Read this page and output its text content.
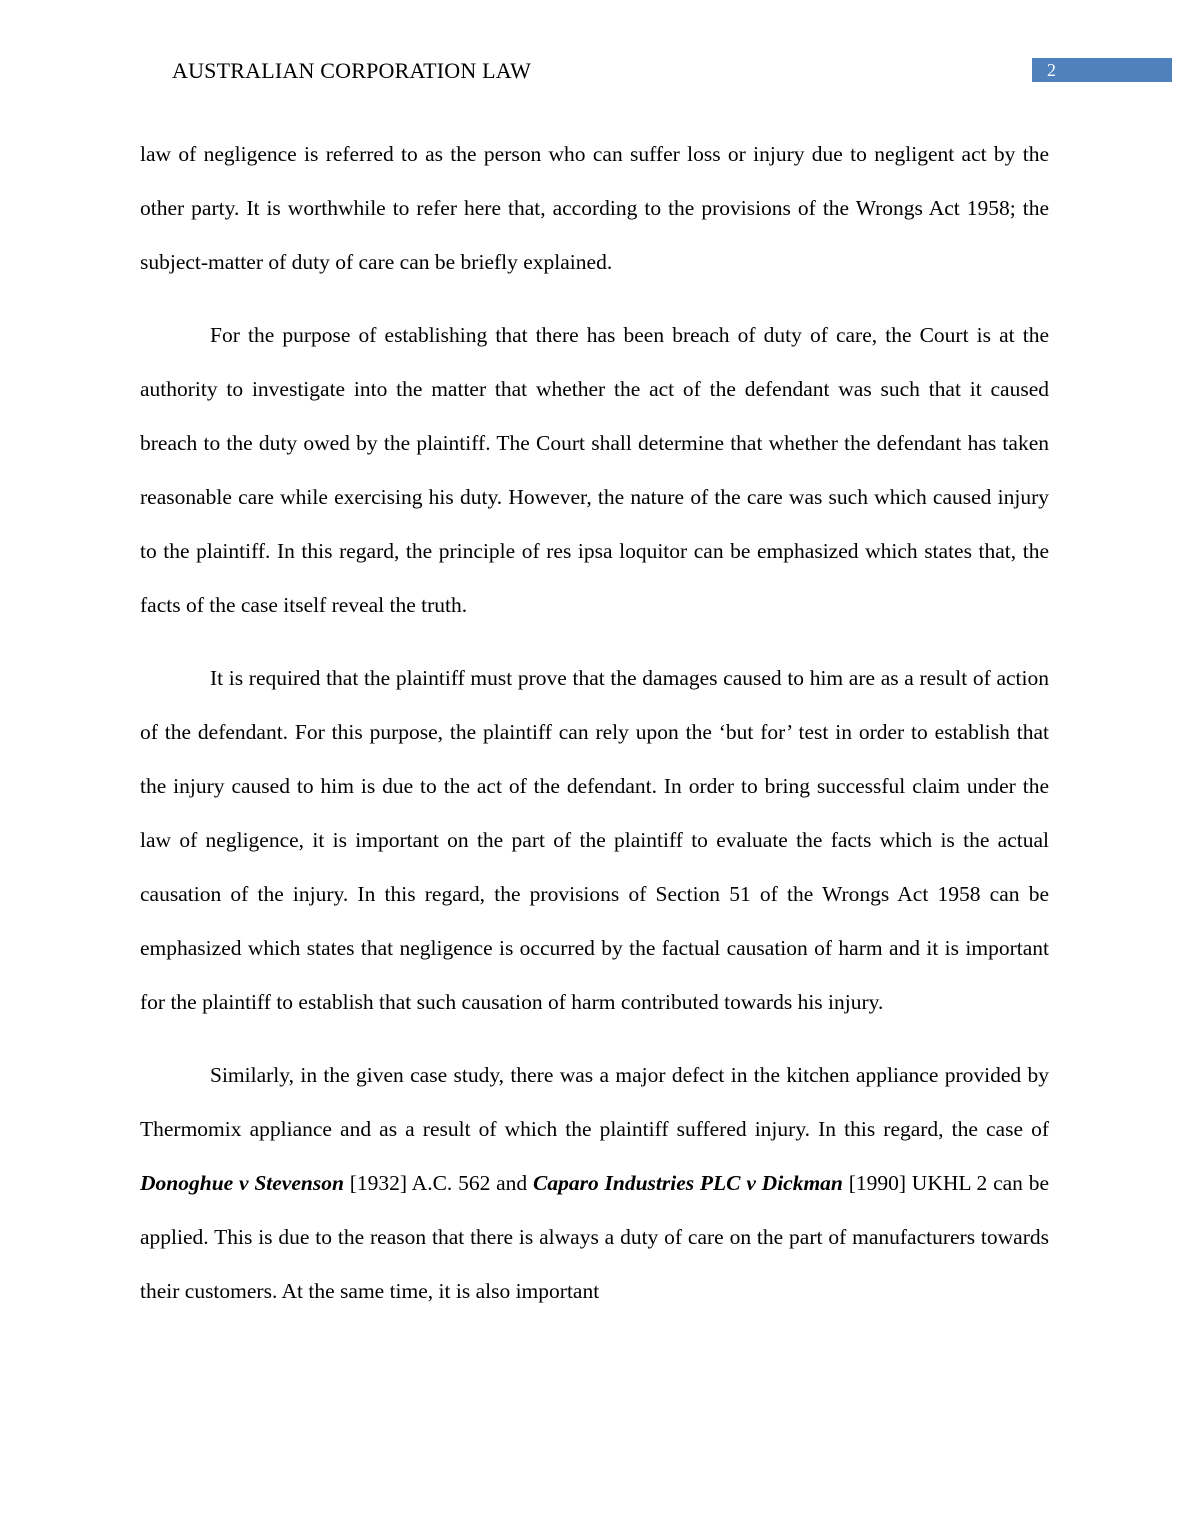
AUSTRALIAN CORPORATION LAW	2

law of negligence is referred to as the person who can suffer loss or injury due to negligent act by the other party. It is worthwhile to refer here that, according to the provisions of the Wrongs Act 1958; the subject-matter of duty of care can be briefly explained.

For the purpose of establishing that there has been breach of duty of care, the Court is at the authority to investigate into the matter that whether the act of the defendant was such that it caused breach to the duty owed by the plaintiff. The Court shall determine that whether the defendant has taken reasonable care while exercising his duty. However, the nature of the care was such which caused injury to the plaintiff. In this regard, the principle of res ipsa loquitor can be emphasized which states that, the facts of the case itself reveal the truth.

It is required that the plaintiff must prove that the damages caused to him are as a result of action of the defendant. For this purpose, the plaintiff can rely upon the ‘but for’ test in order to establish that the injury caused to him is due to the act of the defendant. In order to bring successful claim under the law of negligence, it is important on the part of the plaintiff to evaluate the facts which is the actual causation of the injury. In this regard, the provisions of Section 51 of the Wrongs Act 1958 can be emphasized which states that negligence is occurred by the factual causation of harm and it is important for the plaintiff to establish that such causation of harm contributed towards his injury.

Similarly, in the given case study, there was a major defect in the kitchen appliance provided by Thermomix appliance and as a result of which the plaintiff suffered injury. In this regard, the case of Donoghue v Stevenson [1932] A.C. 562 and Caparo Industries PLC v Dickman [1990] UKHL 2 can be applied. This is due to the reason that there is always a duty of care on the part of manufacturers towards their customers. At the same time, it is also important
